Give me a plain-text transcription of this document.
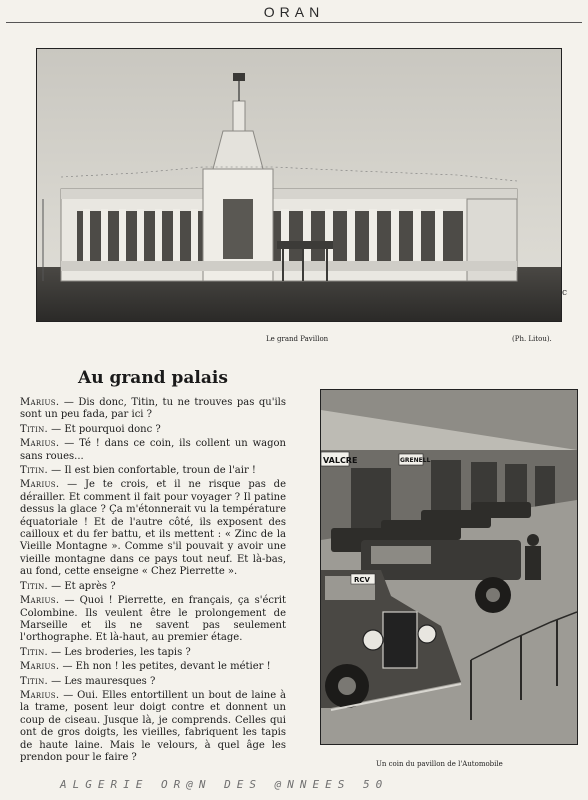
ORAN
c
Le grand Pavillon	(Ph. Litou).
Au grand palais

Marius. — Dis donc, Titin, tu ne trouves pas qu'ils sont un peu fada, par ici ?

Titin. — Et pourquoi donc ?

Marius. — Té ! dans ce coin, ils collent un wagon sans roues...

Titin. — Il est bien confortable, troun de l'air !

Marius. — Je te crois, et il ne risque pas de dérailler. Et comment il fait pour voyager ? Il patine dessus la glace ? Ça m'étonnerait vu la température équatoriale ! Et de l'autre côté, ils exposent des cailloux et du fer battu, et ils mettent : « Zinc de la Vieille Montagne ». Comme s'il pouvait y avoir une vieille montagne dans ce pays tout neuf. Et là-bas, au fond, cette enseigne « Chez Pierrette ».

Titin. — Et après ?

Marius. — Quoi ! Pierrette, en français, ça s'écrit Colombine. Ils veulent être le prolongement de Marseille et ils ne savent pas seulement l'orthographe. Et là-haut, au premier étage.

Titin. — Les broderies, les tapis ?

Marius. — Eh non ! les petites, devant le métier !

Titin. — Les mauresques ?

Marius. — Oui. Elles entortillent un bout de laine à la trame, posent leur doigt contre et donnent un coup de ciseau. Jusque là, je comprends. Celles qui ont de gros doigts, les vieilles, fabriquent les tapis de haute laine. Mais le velours, à quel âge les prendon pour le faire ?

VALCRE	GRENELL
RCV
Un coin du pavillon de l'Automobile
ALGERIE OR@N DES @NNEES 50
